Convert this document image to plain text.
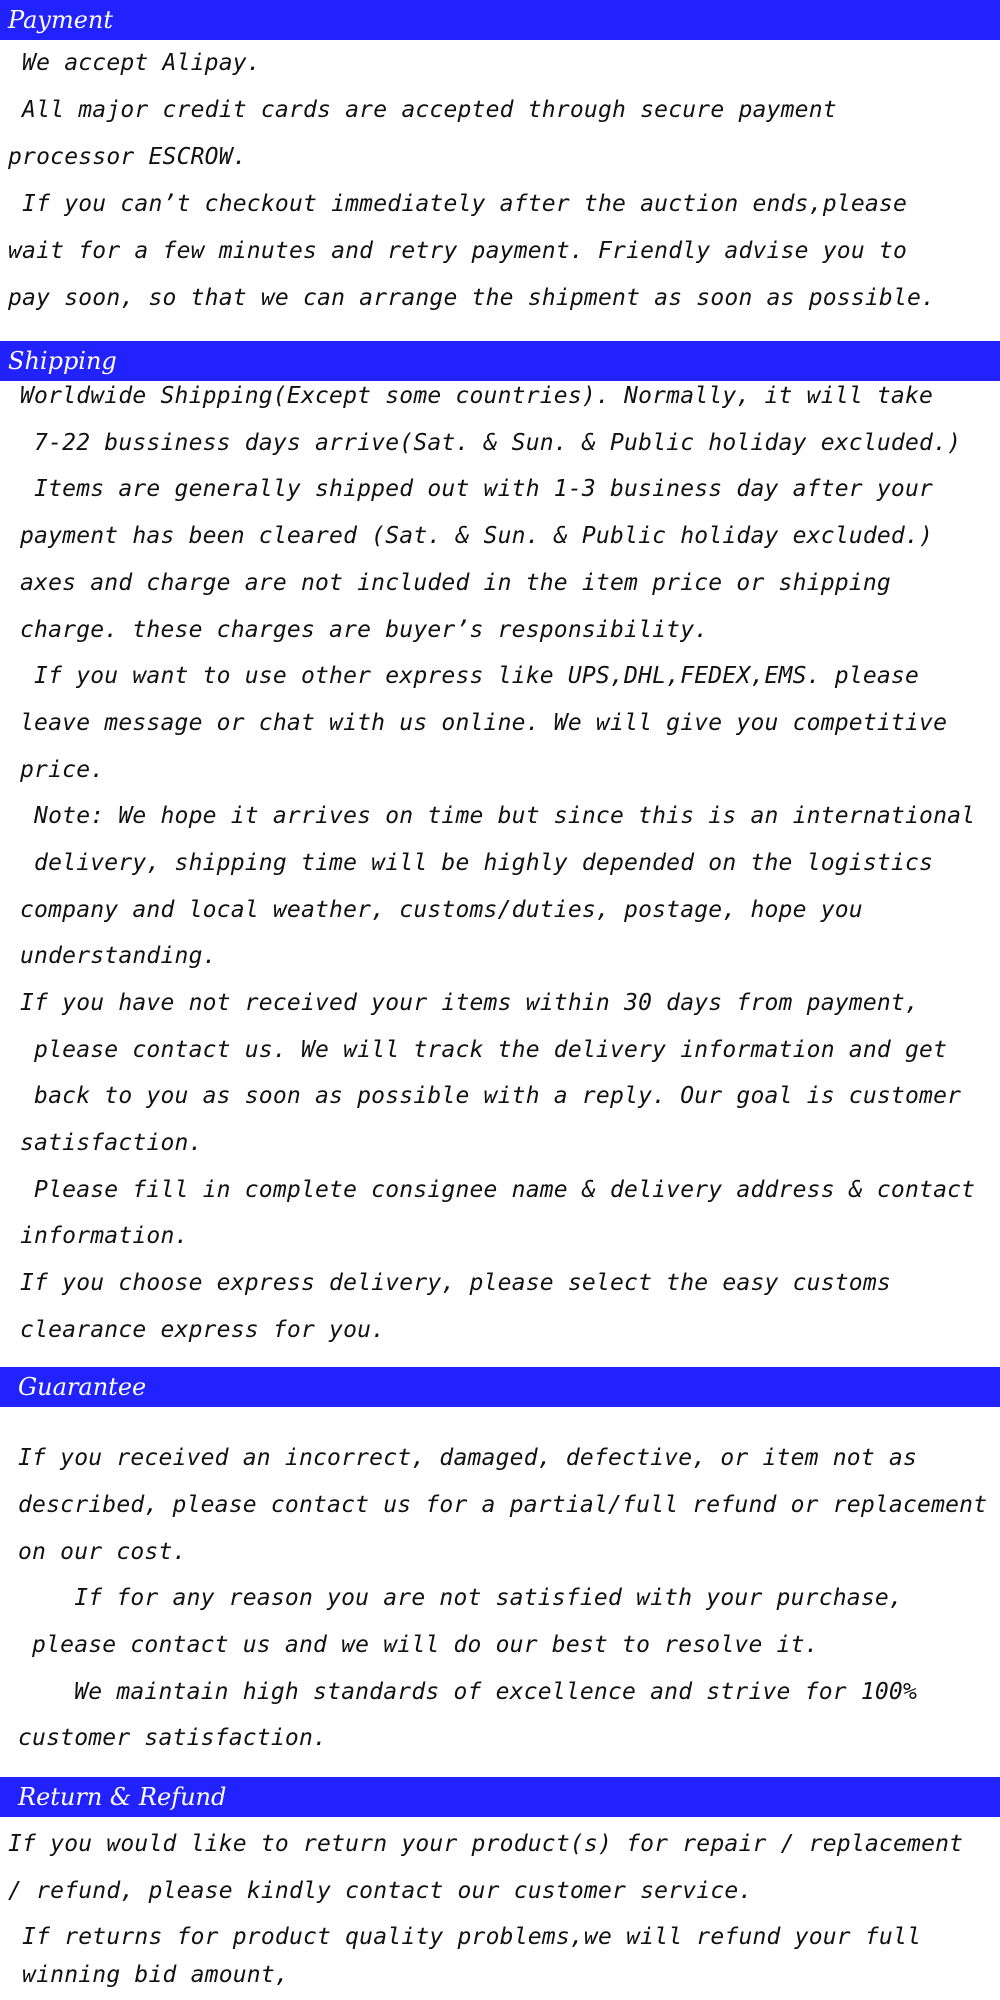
Payment
We accept Alipay.
All major credit cards are accepted through secure payment
processor ESCROW.
If you can’t checkout immediately after the auction ends,please
wait for a few minutes and retry payment. Friendly advise you to
pay soon, so that we can arrange the shipment as soon as possible.
Shipping
Worldwide Shipping(Except some countries). Normally, it will take
7-22 bussiness days arrive(Sat. & Sun. & Public holiday excluded.)
Items are generally shipped out with 1-3 business day after your
payment has been cleared (Sat. & Sun. & Public holiday excluded.)
axes and charge are not included in the item price or shipping
charge. these charges are buyer’s responsibility.
If you want to use other express like UPS,DHL,FEDEX,EMS. please
leave message or chat with us online. We will give you competitive
price.
Note: We hope it arrives on time but since this is an international
delivery, shipping time will be highly depended on the logistics
company and local weather, customs/duties, postage, hope you
understanding.
If you have not received your items within 30 days from payment,
please contact us. We will track the delivery information and get
back to you as soon as possible with a reply. Our goal is customer
satisfaction.
Please fill in complete consignee name & delivery address & contact
information.
If you choose express delivery, please select the easy customs
clearance express for you.
Guarantee
If you received an incorrect, damaged, defective, or item not as
described, please contact us for a partial/full refund or replacement
on our cost.
If for any reason you are not satisfied with your purchase,
please contact us and we will do our best to resolve it.
We maintain high standards of excellence and strive for 100%
customer satisfaction.
Return & Refund
If you would like to return your product(s) for repair / replacement
/ refund, please kindly contact our customer service.
If returns for product quality problems,we will refund your full
winning bid amount,
